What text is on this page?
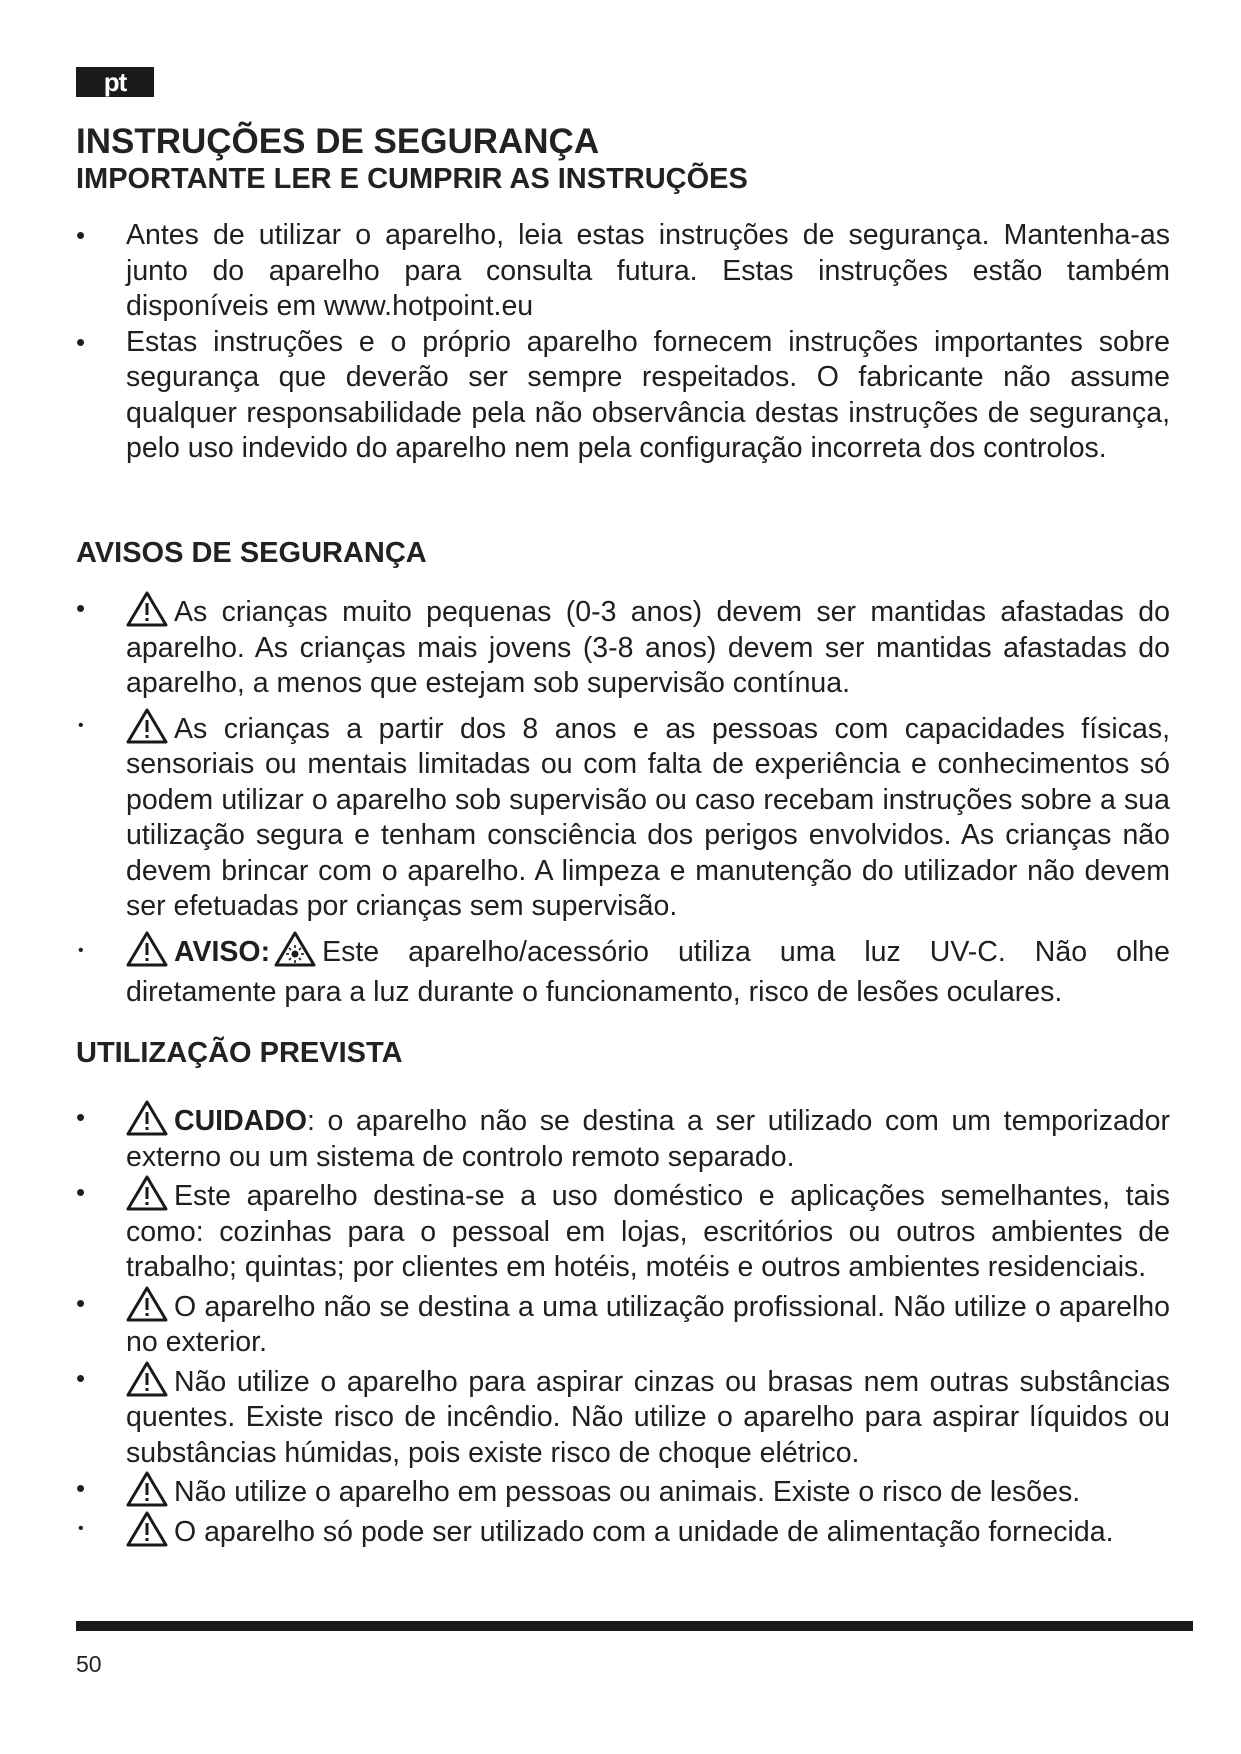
pt
INSTRUÇÕES DE SEGURANÇA
IMPORTANTE LER E CUMPRIR AS INSTRUÇÕES
• Antes de utilizar o aparelho, leia estas instruções de segurança. Mantenha-as junto do aparelho para consulta futura. Estas instruções estão também disponíveis em www.hotpoint.eu
• Estas instruções e o próprio aparelho fornecem instruções importantes sobre segurança que deverão ser sempre respeitados. O fabricante não assume qualquer responsabilidade pela não observância destas instruções de segurança, pelo uso indevido do aparelho nem pela configuração incorreta dos controlos.
AVISOS DE SEGURANÇA
• As crianças muito pequenas (0-3 anos) devem ser mantidas afastadas do aparelho. As crianças mais jovens (3-8 anos) devem ser mantidas afastadas do aparelho, a menos que estejam sob supervisão contínua.
• As crianças a partir dos 8 anos e as pessoas com capacidades físicas, sensoriais ou mentais limitadas ou com falta de experiência e conhecimentos só podem utilizar o aparelho sob supervisão ou caso recebam instruções sobre a sua utilização segura e tenham consciência dos perigos envolvidos. As crianças não devem brincar com o aparelho. A limpeza e manutenção do utilizador não devem ser efetuadas por crianças sem supervisão.
• AVISO: Este aparelho/acessório utiliza uma luz UV-C. Não olhe diretamente para a luz durante o funcionamento, risco de lesões oculares.
UTILIZAÇÃO PREVISTA
• CUIDADO: o aparelho não se destina a ser utilizado com um temporizador externo ou um sistema de controlo remoto separado.
• Este aparelho destina-se a uso doméstico e aplicações semelhantes, tais como: cozinhas para o pessoal em lojas, escritórios ou outros ambientes de trabalho; quintas; por clientes em hotéis, motéis e outros ambientes residenciais.
• O aparelho não se destina a uma utilização profissional. Não utilize o aparelho no exterior.
• Não utilize o aparelho para aspirar cinzas ou brasas nem outras substâncias quentes. Existe risco de incêndio. Não utilize o aparelho para aspirar líquidos ou substâncias húmidas, pois existe risco de choque elétrico.
• Não utilize o aparelho em pessoas ou animais. Existe o risco de lesões.
• O aparelho só pode ser utilizado com a unidade de alimentação fornecida.
50
